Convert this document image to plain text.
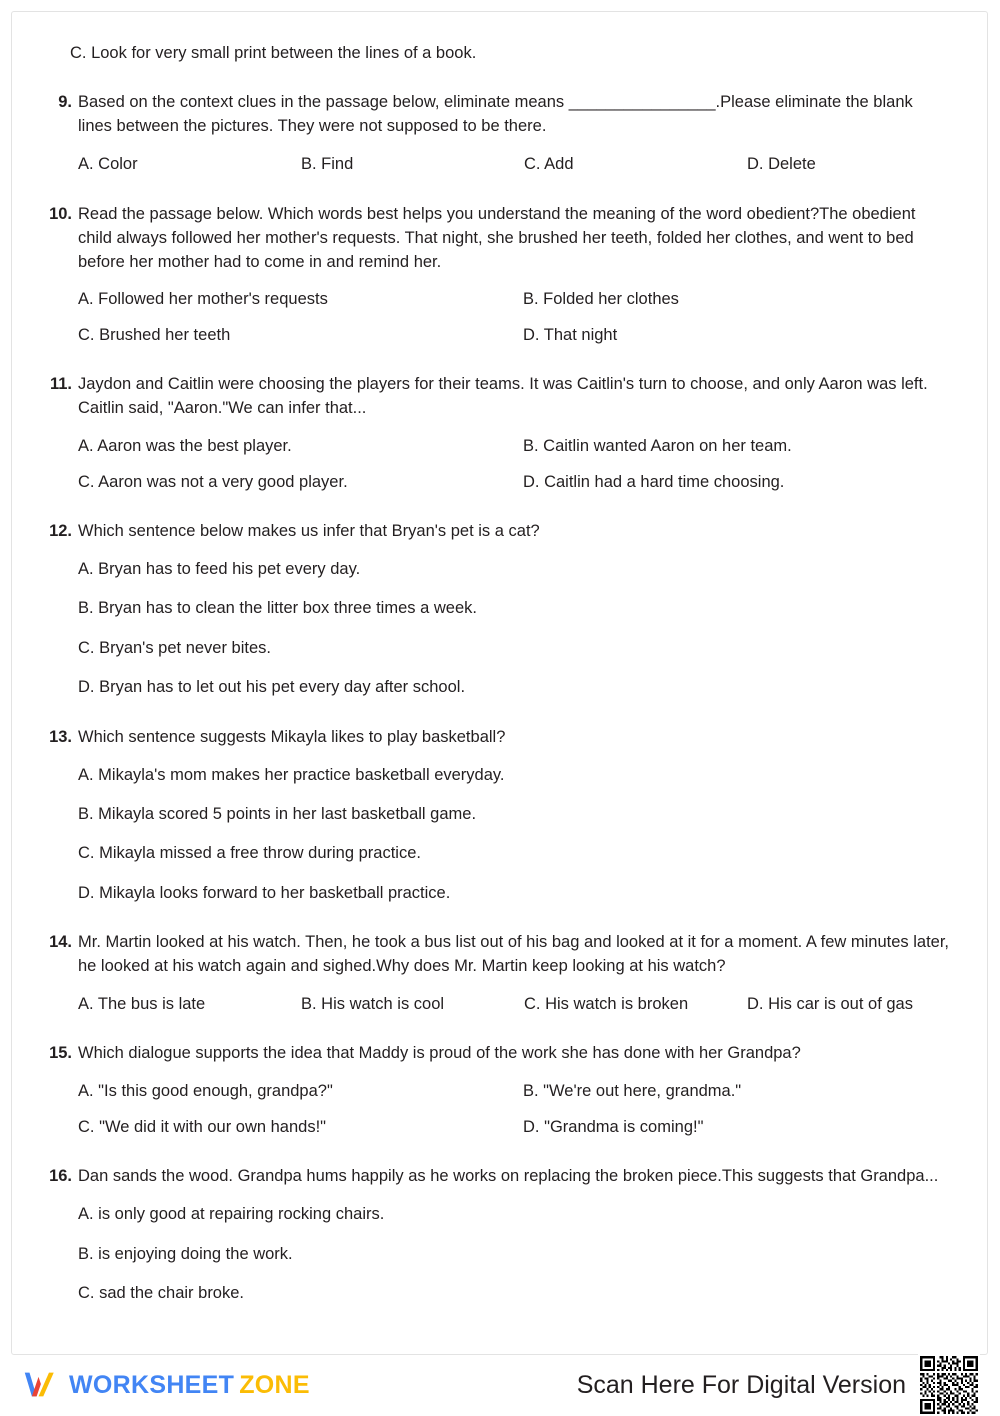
C. Look for very small print between the lines of a book.
9. Based on the context clues in the passage below, eliminate means ________________.Please eliminate the blank lines between the pictures. They were not supposed to be there.

A. Color	B. Find	C. Add	D. Delete
10. Read the passage below. Which words best helps you understand the meaning of the word obedient?The obedient child always followed her mother's requests. That night, she brushed her teeth, folded her clothes, and went to bed before her mother had to come in and remind her.

A. Followed her mother's requests	B. Folded her clothes
C. Brushed her teeth	D. That night
11. Jaydon and Caitlin were choosing the players for their teams. It was Caitlin's turn to choose, and only Aaron was left. Caitlin said, "Aaron."We can infer that...

A. Aaron was the best player.	B. Caitlin wanted Aaron on her team.
C. Aaron was not a very good player.	D. Caitlin had a hard time choosing.
12. Which sentence below makes us infer that Bryan's pet is a cat?

A. Bryan has to feed his pet every day.
B. Bryan has to clean the litter box three times a week.
C. Bryan's pet never bites.
D. Bryan has to let out his pet every day after school.
13. Which sentence suggests Mikayla likes to play basketball?

A. Mikayla's mom makes her practice basketball everyday.
B. Mikayla scored 5 points in her last basketball game.
C. Mikayla missed a free throw during practice.
D. Mikayla looks forward to her basketball practice.
14. Mr. Martin looked at his watch. Then, he took a bus list out of his bag and looked at it for a moment. A few minutes later, he looked at his watch again and sighed.Why does Mr. Martin keep looking at his watch?

A. The bus is late	B. His watch is cool	C. His watch is broken	D. His car is out of gas
15. Which dialogue supports the idea that Maddy is proud of the work she has done with her Grandpa?

A. "Is this good enough, grandpa?"	B. "We're out here, grandma."
C. "We did it with our own hands!"	D. "Grandma is coming!"
16. Dan sands the wood. Grandpa hums happily as he works on replacing the broken piece.This suggests that Grandpa...

A. is only good at repairing rocking chairs.
B. is enjoying doing the work.
C. sad the chair broke.
WORKSHEET ZONE	Scan Here For Digital Version
